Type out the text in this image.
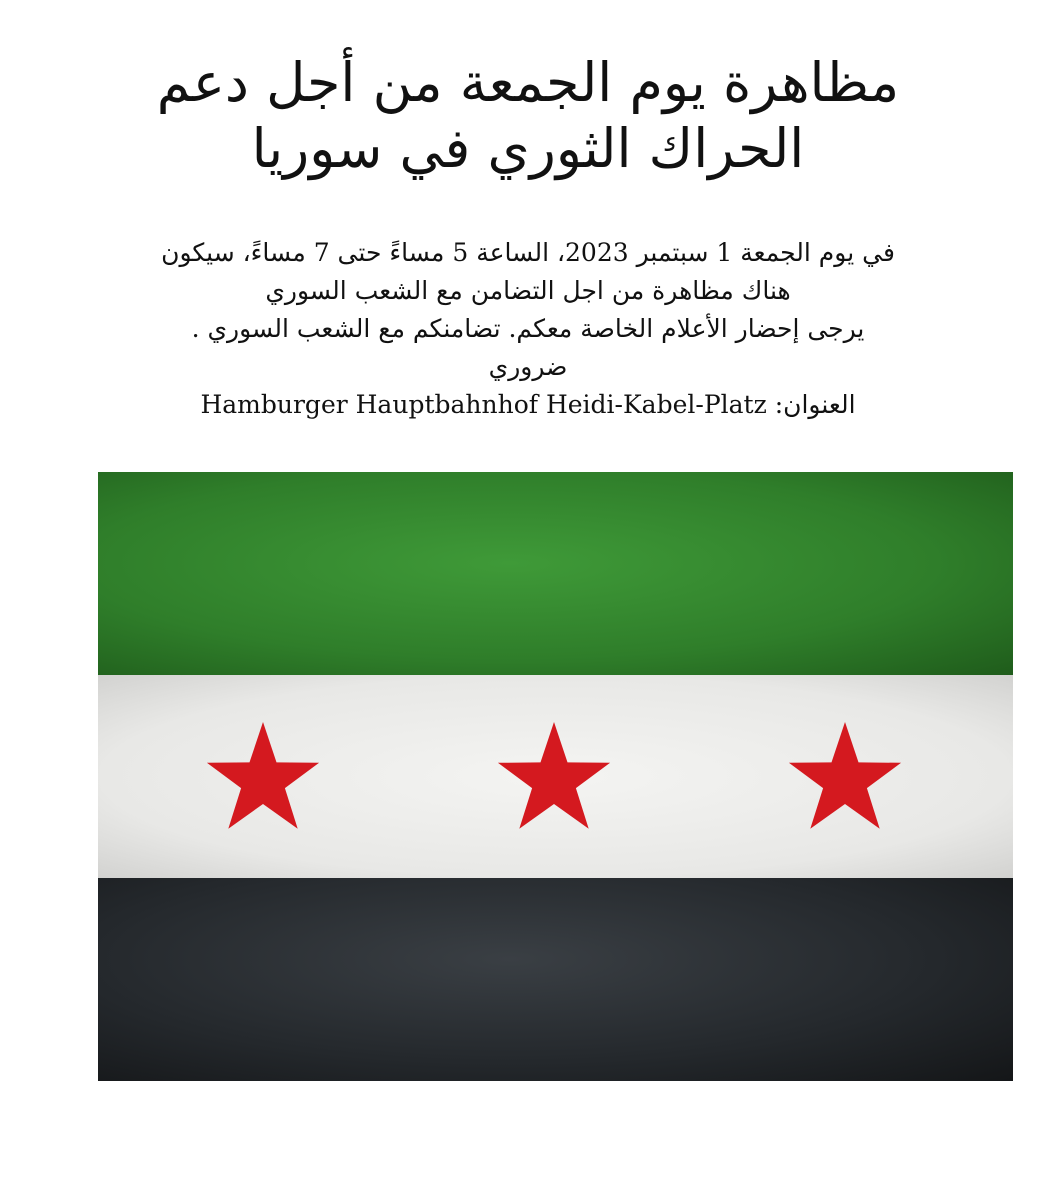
مظاهرة يوم الجمعة من أجل دعم
الحراك الثوري في سوريا
في يوم الجمعة 1 سبتمبر 2023، الساعة 5 مساءً حتى 7 مساءً، سيكون
هناك مظاهرة من اجل التضامن مع الشعب السوري
يرجى إحضار الأعلام الخاصة معكم. تضامنكم مع الشعب السوري .
ضروري
Hamburger Hauptbahnhof Heidi-Kabel-Platz :العنوان
